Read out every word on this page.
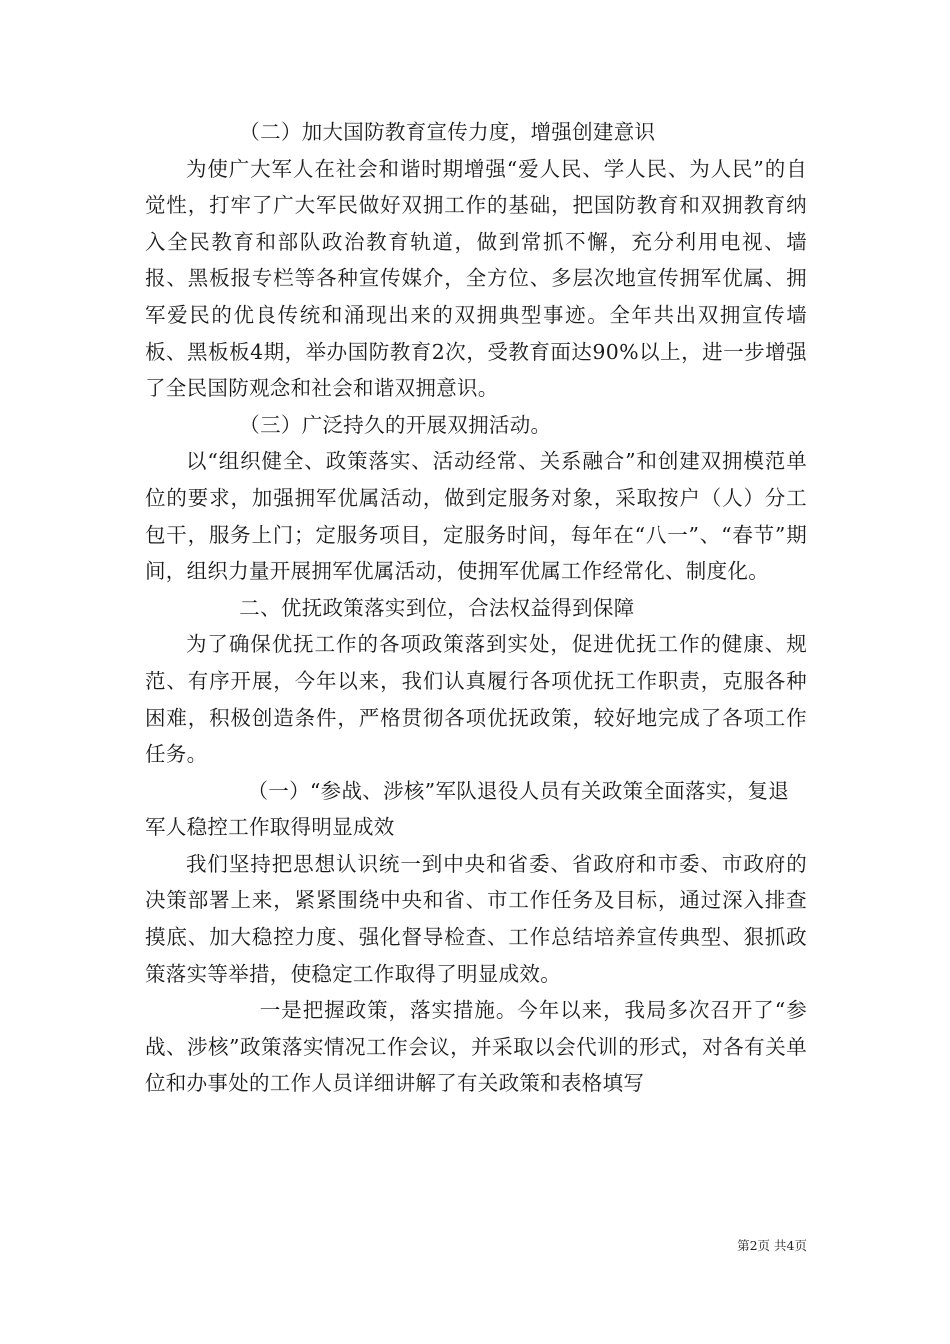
（二）加大国防教育宣传力度，增强创建意识

为使广大军人在社会和谐时期增强“爱人民、学人民、为人民”的自觉性，打牢了广大军民做好双拥工作的基础，把国防教育和双拥教育纳入全民教育和部队政治教育轨道，做到常抓不懈，充分利用电视、墙报、黑板报专栏等各种宣传媒介，全方位、多层次地宣传拥军优属、拥军爱民的优良传统和涌现出来的双拥典型事迹。全年共出双拥宣传墙板、黑板板4期，举办国防教育2次，受教育面达90%以上，进一步增强了全民国防观念和社会和谐双拥意识。

（三）广泛持久的开展双拥活动。

以“组织健全、政策落实、活动经常、关系融合”和创建双拥模范单位的要求，加强拥军优属活动，做到定服务对象，采取按户（人）分工包干，服务上门；定服务项目，定服务时间，每年在“八一”、“春节”期间，组织力量开展拥军优属活动，使拥军优属工作经常化、制度化。

二、优抚政策落实到位，合法权益得到保障

为了确保优抚工作的各项政策落到实处，促进优抚工作的健康、规范、有序开展，今年以来，我们认真履行各项优抚工作职责，克服各种困难，积极创造条件，严格贯彻各项优抚政策，较好地完成了各项工作任务。

（一）“参战、涉核”军队退役人员有关政策全面落实，复退军人稳控工作取得明显成效

我们坚持把思想认识统一到中央和省委、省政府和市委、市政府的决策部署上来，紧紧围绕中央和省、市工作任务及目标，通过深入排查摸底、加大稳控力度、强化督导检查、工作总结培养宣传典型、狠抓政策落实等举措，使稳定工作取得了明显成效。

一是把握政策，落实措施。今年以来，我局多次召开了“参战、涉核”政策落实情况工作会议，并采取以会代训的形式，对各有关单位和办事处的工作人员详细讲解了有关政策和表格填写

第2页 共4页
